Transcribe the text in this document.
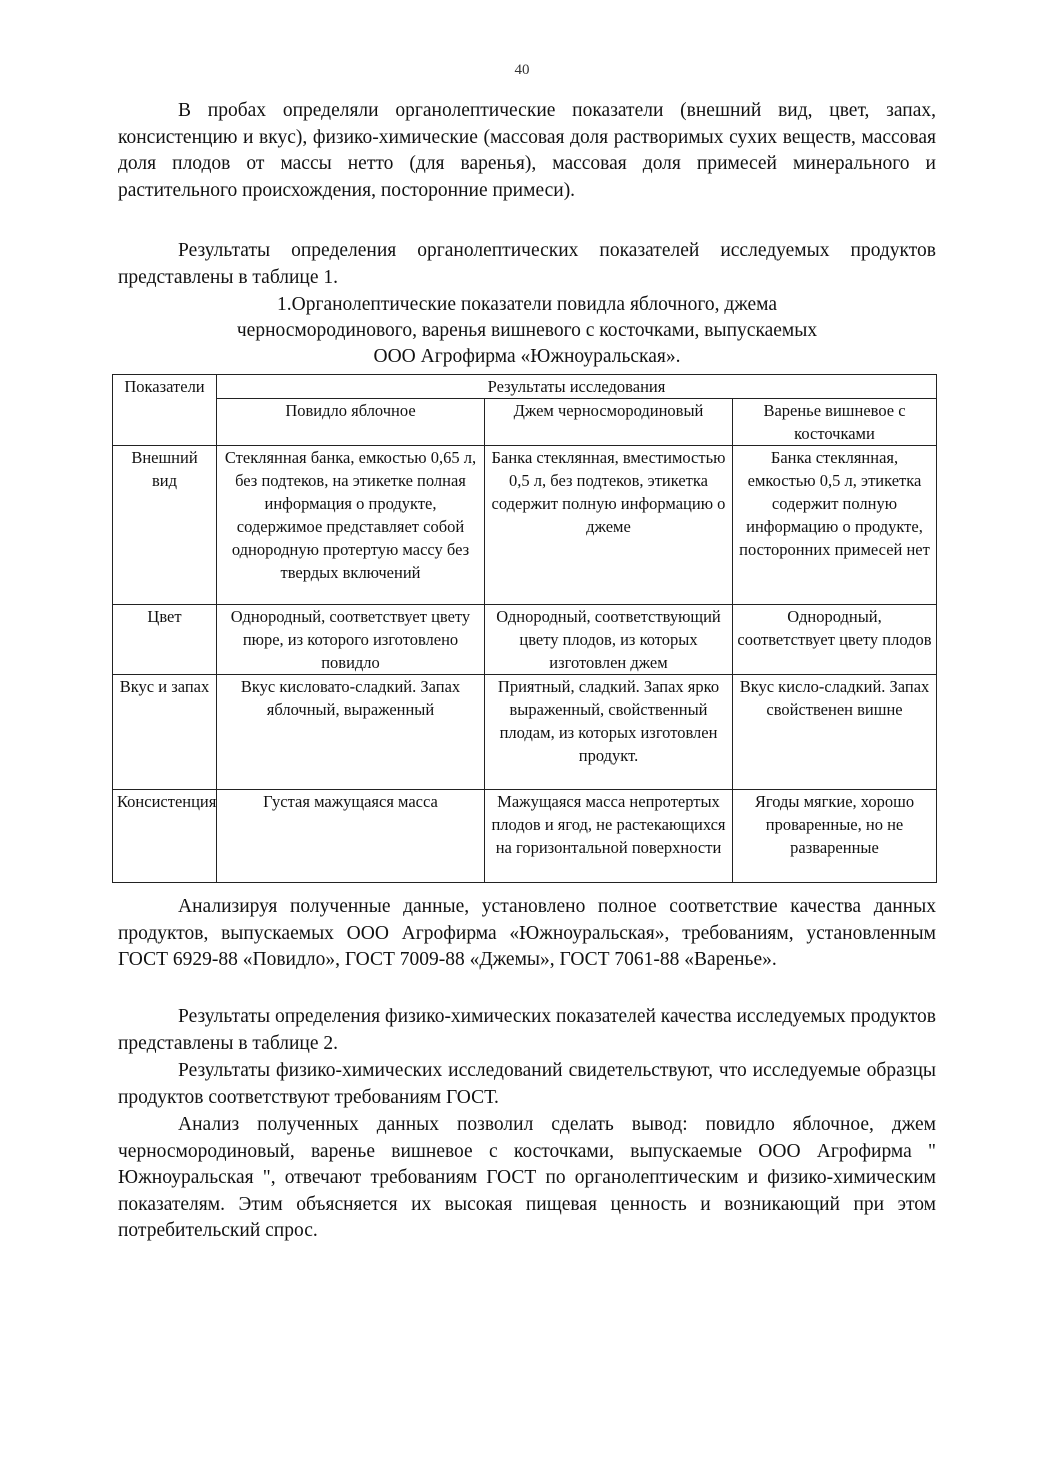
40

В пробах определяли органолептические показатели (внешний вид, цвет, запах, консистенцию и вкус), физико-химические (массовая доля растворимых сухих веществ, массовая доля плодов от массы нетто (для варенья), массовая доля примесей минерального и растительного происхождения, посторонние примеси).

Результаты определения органолептических показателей исследуемых продуктов представлены в таблице 1.

1.Органолептические показатели повидла яблочного, джема
черносмородинового, варенья вишневого с косточками, выпускаемых
ООО Агрофирма «Южноуральская».
Показатели	Результаты исследования		
	Повидло яблочное	Джем черносмородиновый	Варенье вишневое с косточками
Внешний вид	Стеклянная банка, емкостью 0,65 л, без подтеков, на этикетке полная информация о продукте, содержимое представляет собой однородную протертую массу без твердых включений	Банка стеклянная, вместимостью 0,5 л, без подтеков, этикетка содержит полную информацию о джеме	Банка стеклянная, емкостью 0,5 л, этикетка содержит полную информацию о продукте, посторонних примесей нет
Цвет	Однородный, соответствует цвету пюре, из которого изготовлено повидло	Однородный, соответствующий цвету плодов, из которых изготовлен джем	Однородный, соответствует цвету плодов
Вкус и запах	Вкус кисловато-сладкий. Запах яблочный, выраженный	Приятный, сладкий. Запах ярко выраженный, свойственный плодам, из которых изготовлен продукт.	Вкус кисло-сладкий. Запах свойственен вишне
Консистенция	Густая мажущаяся масса	Мажущаяся масса непротертых плодов и ягод, не растекающихся на горизонтальной поверхности	Ягоды мягкие, хорошо проваренные, но не разваренные

Анализируя полученные данные, установлено полное соответствие качества данных продуктов, выпускаемых ООО Агрофирма «Южноуральская», требованиям, установленным ГОСТ 6929-88 «Повидло», ГОСТ 7009-88 «Джемы», ГОСТ 7061-88 «Варенье».

Результаты определения физико-химических показателей качества исследуемых продуктов представлены в таблице 2.

Результаты физико-химических исследований свидетельствуют, что исследуемые образцы продуктов соответствуют требованиям ГОСТ.

Анализ полученных данных позволил сделать вывод: повидло яблочное, джем черносмородиновый, варенье вишневое с косточками, выпускаемые ООО Агрофирма " Южноуральская ", отвечают требованиям ГОСТ по органолептическим и физико-химическим показателям. Этим объясняется их высокая пищевая ценность и возникающий при этом потребительский спрос.
